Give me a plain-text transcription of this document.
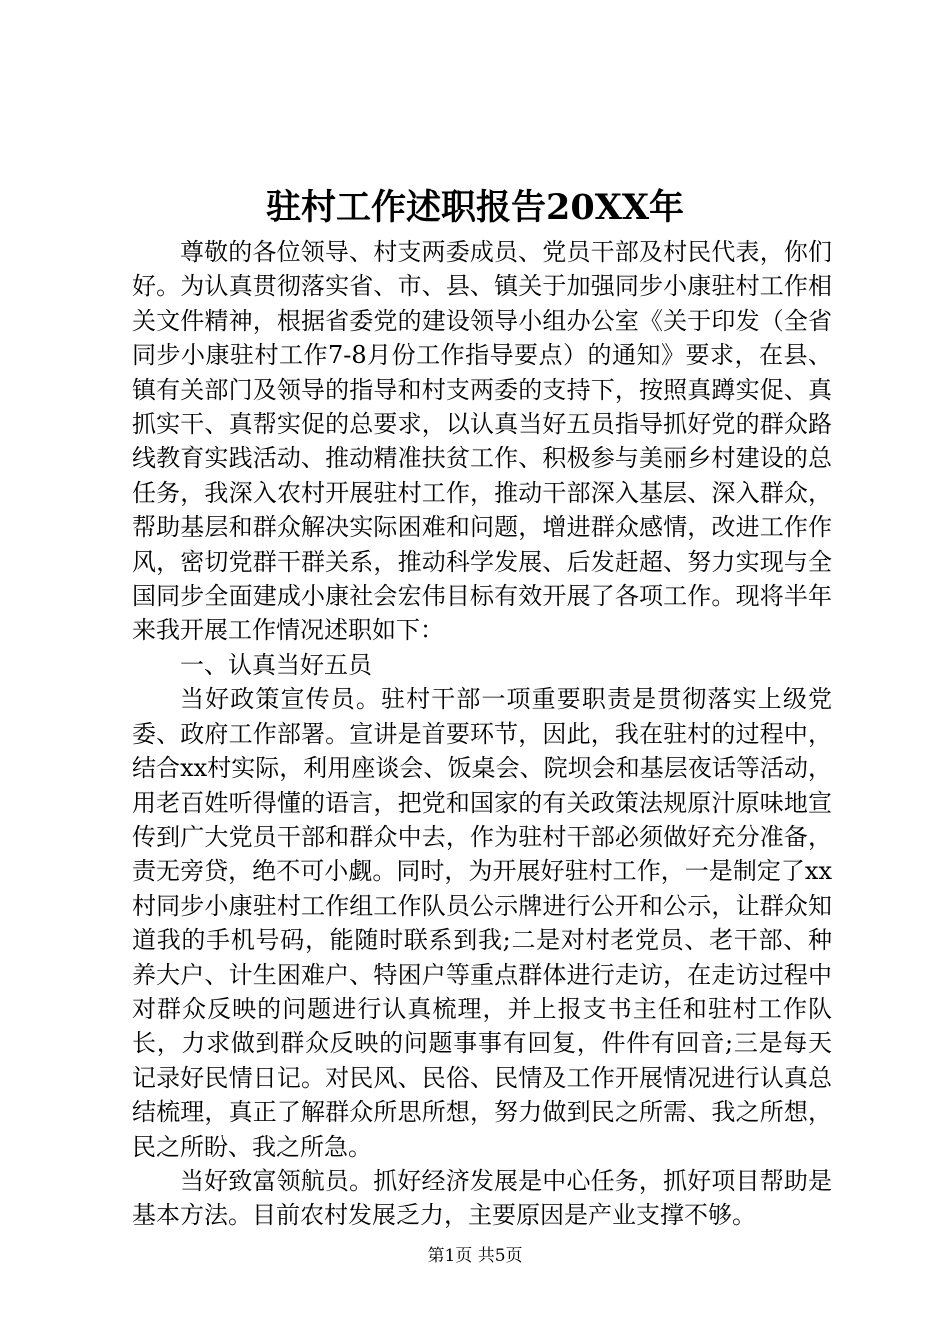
驻村工作述职报告20XX年

尊敬的各位领导、村支两委成员、党员干部及村民代表，你们好。为认真贯彻落实省、市、县、镇关于加强同步小康驻村工作相关文件精神，根据省委党的建设领导小组办公室《关于印发（全省同步小康驻村工作7-8月份工作指导要点）的通知》要求，在县、镇有关部门及领导的指导和村支两委的支持下，按照真蹲实促、真抓实干、真帮实促的总要求，以认真当好五员指导抓好党的群众路线教育实践活动、推动精准扶贫工作、积极参与美丽乡村建设的总任务，我深入农村开展驻村工作，推动干部深入基层、深入群众，帮助基层和群众解决实际困难和问题，增进群众感情，改进工作作风，密切党群干群关系，推动科学发展、后发赶超、努力实现与全国同步全面建成小康社会宏伟目标有效开展了各项工作。现将半年来我开展工作情况述职如下：

一、认真当好五员

当好政策宣传员。驻村干部一项重要职责是贯彻落实上级党委、政府工作部署。宣讲是首要环节，因此，我在驻村的过程中，结合xx村实际，利用座谈会、饭桌会、院坝会和基层夜话等活动，用老百姓听得懂的语言，把党和国家的有关政策法规原汁原味地宣传到广大党员干部和群众中去，作为驻村干部必须做好充分准备，责无旁贷，绝不可小觑。同时，为开展好驻村工作，一是制定了xx村同步小康驻村工作组工作队员公示牌进行公开和公示，让群众知道我的手机号码，能随时联系到我;二是对村老党员、老干部、种养大户、计生困难户、特困户等重点群体进行走访，在走访过程中对群众反映的问题进行认真梳理，并上报支书主任和驻村工作队长，力求做到群众反映的问题事事有回复，件件有回音;三是每天记录好民情日记。对民风、民俗、民情及工作开展情况进行认真总结梳理，真正了解群众所思所想，努力做到民之所需、我之所想，民之所盼、我之所急。

当好致富领航员。抓好经济发展是中心任务，抓好项目帮助是基本方法。目前农村发展乏力，主要原因是产业支撑不够。

第1页 共5页
